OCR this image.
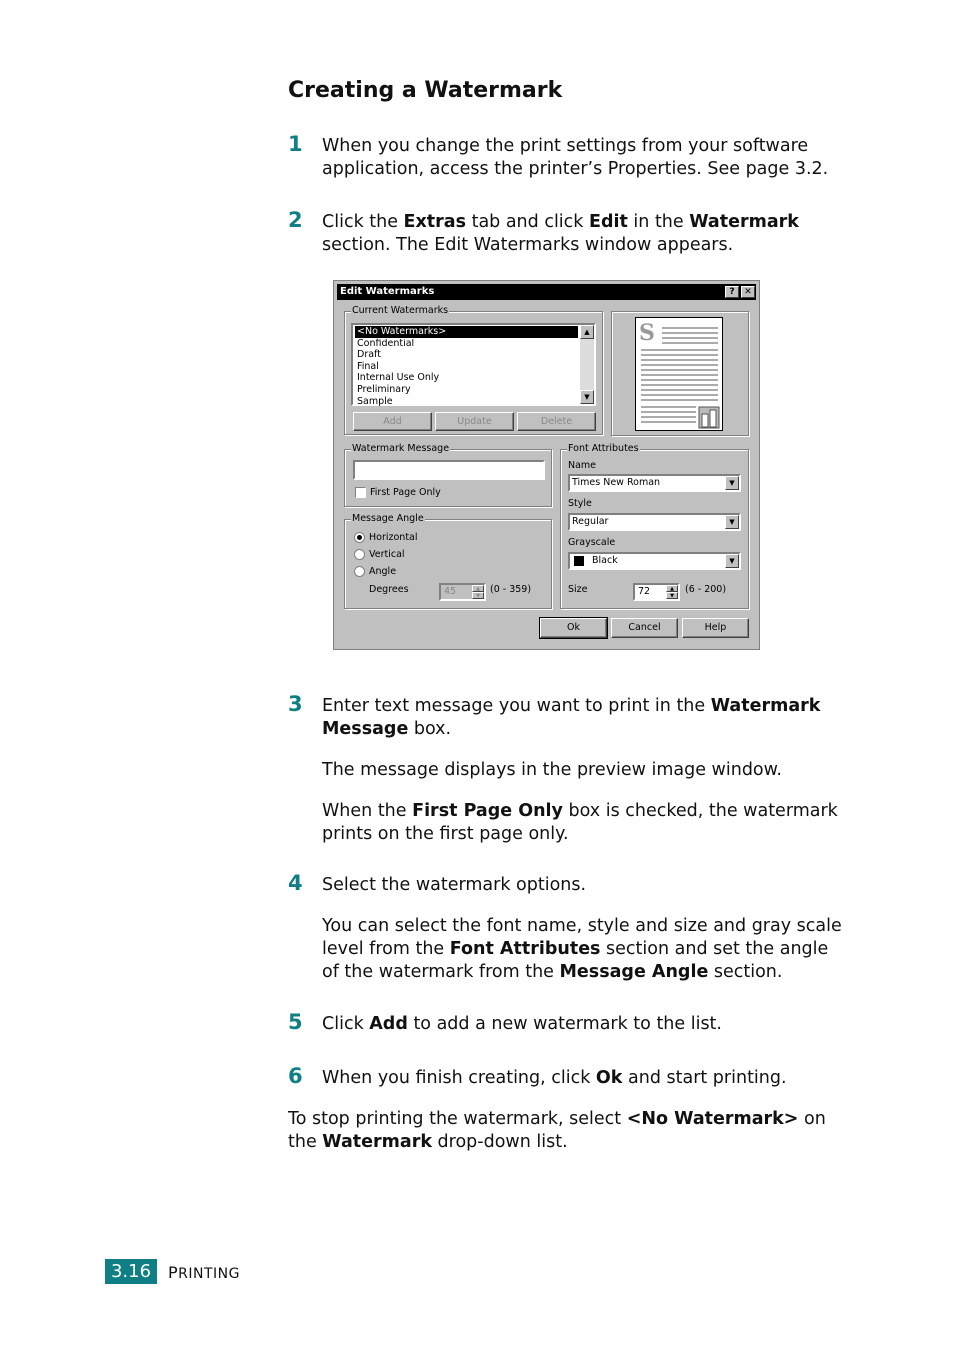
Creating a Watermark
1 When you change the print settings from your software application, access the printer’s Properties. See page 3.2.

2 Click the Extras tab and click Edit in the Watermark section. The Edit Watermarks window appears.

3 Enter text message you want to print in the Watermark Message box.

The message displays in the preview image window.

When the First Page Only box is checked, the watermark prints on the first page only.

4 Select the watermark options.

You can select the font name, style and size and gray scale level from the Font Attributes section and set the angle of the watermark from the Message Angle section.

5 Click Add to add a new watermark to the list.

6 When you finish creating, click Ok and start printing.

To stop printing the watermark, select <No Watermark> on the Watermark drop-down list.

Edit Watermarks	?	✕
Current Watermarks
<No Watermarks>
Confidential
Draft
Final
Internal Use Only
Preliminary
Sample
▲
▼
Add	Update	Delete
S
Watermark Message
First Page Only
Message Angle
Horizontal
Vertical
Angle
Degrees	45	▲
▼
(0 - 359)
Font Attributes
Name
Times New Roman	▼
Style
Regular	▼
Grayscale
Black	▼
Size	72	▲
▼
(6 - 200)
Ok	Cancel	Help
3.16	PRINTING
